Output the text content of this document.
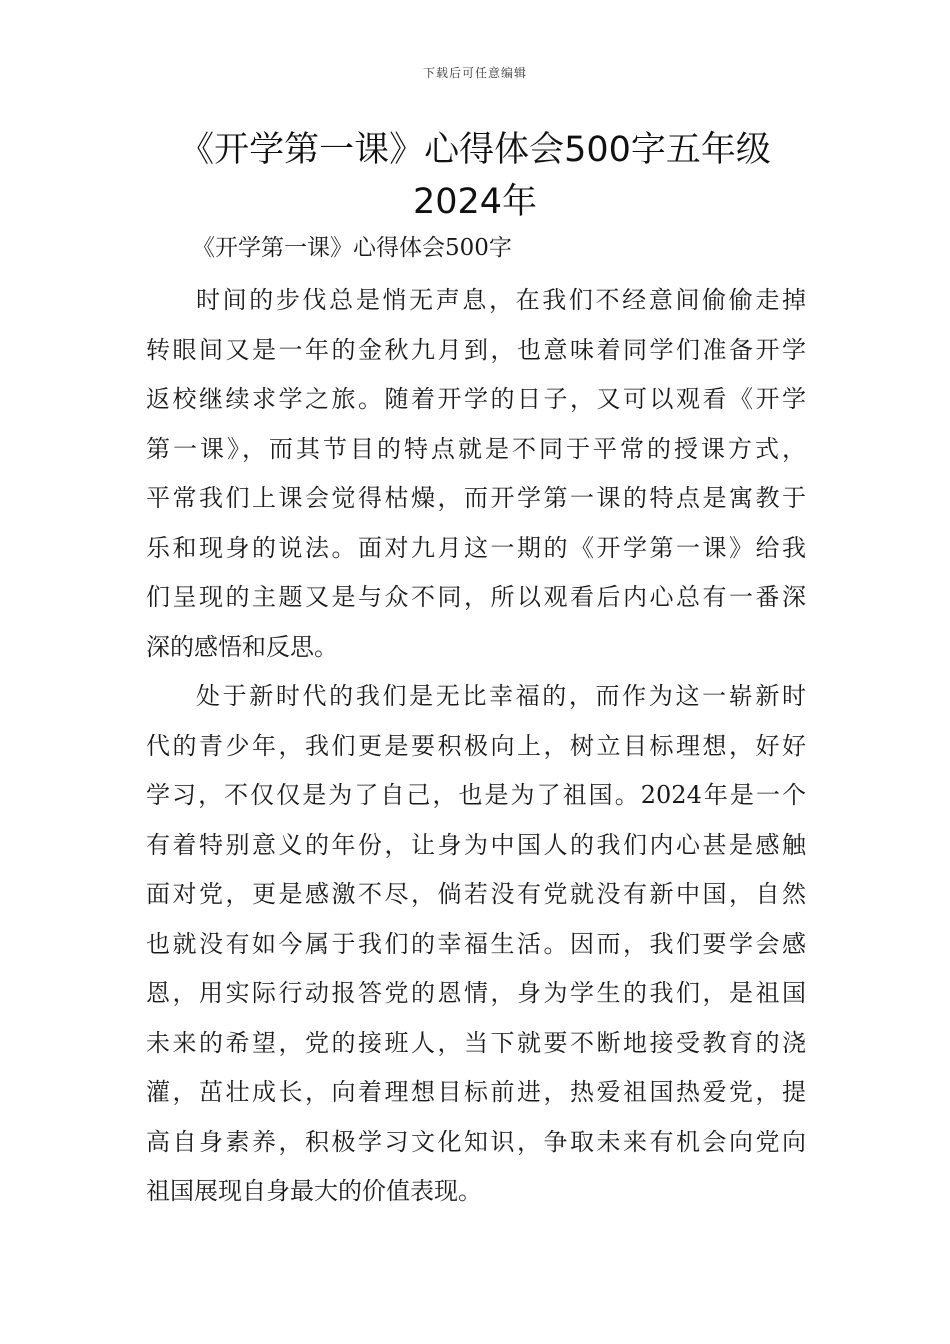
下载后可任意编辑
《开学第一课》心得体会500字五年级
2024年
《开学第一课》心得体会500字
时间的步伐总是悄无声息，在我们不经意间偷偷走掉
转眼间又是一年的金秋九月到，也意味着同学们准备开学
返校继续求学之旅。随着开学的日子，又可以观看《开学
第一课》，而其节目的特点就是不同于平常的授课方式，
平常我们上课会觉得枯燥，而开学第一课的特点是寓教于
乐和现身的说法。面对九月这一期的《开学第一课》给我
们呈现的主题又是与众不同，所以观看后内心总有一番深
深的感悟和反思。
处于新时代的我们是无比幸福的，而作为这一崭新时
代的青少年，我们更是要积极向上，树立目标理想，好好
学习，不仅仅是为了自己，也是为了祖国。2024年是一个
有着特别意义的年份，让身为中国人的我们内心甚是感触
面对党，更是感激不尽，倘若没有党就没有新中国，自然
也就没有如今属于我们的幸福生活。因而，我们要学会感
恩，用实际行动报答党的恩情，身为学生的我们，是祖国
未来的希望，党的接班人，当下就要不断地接受教育的浇
灌，茁壮成长，向着理想目标前进，热爱祖国热爱党，提
高自身素养，积极学习文化知识，争取未来有机会向党向
祖国展现自身最大的价值表现。
